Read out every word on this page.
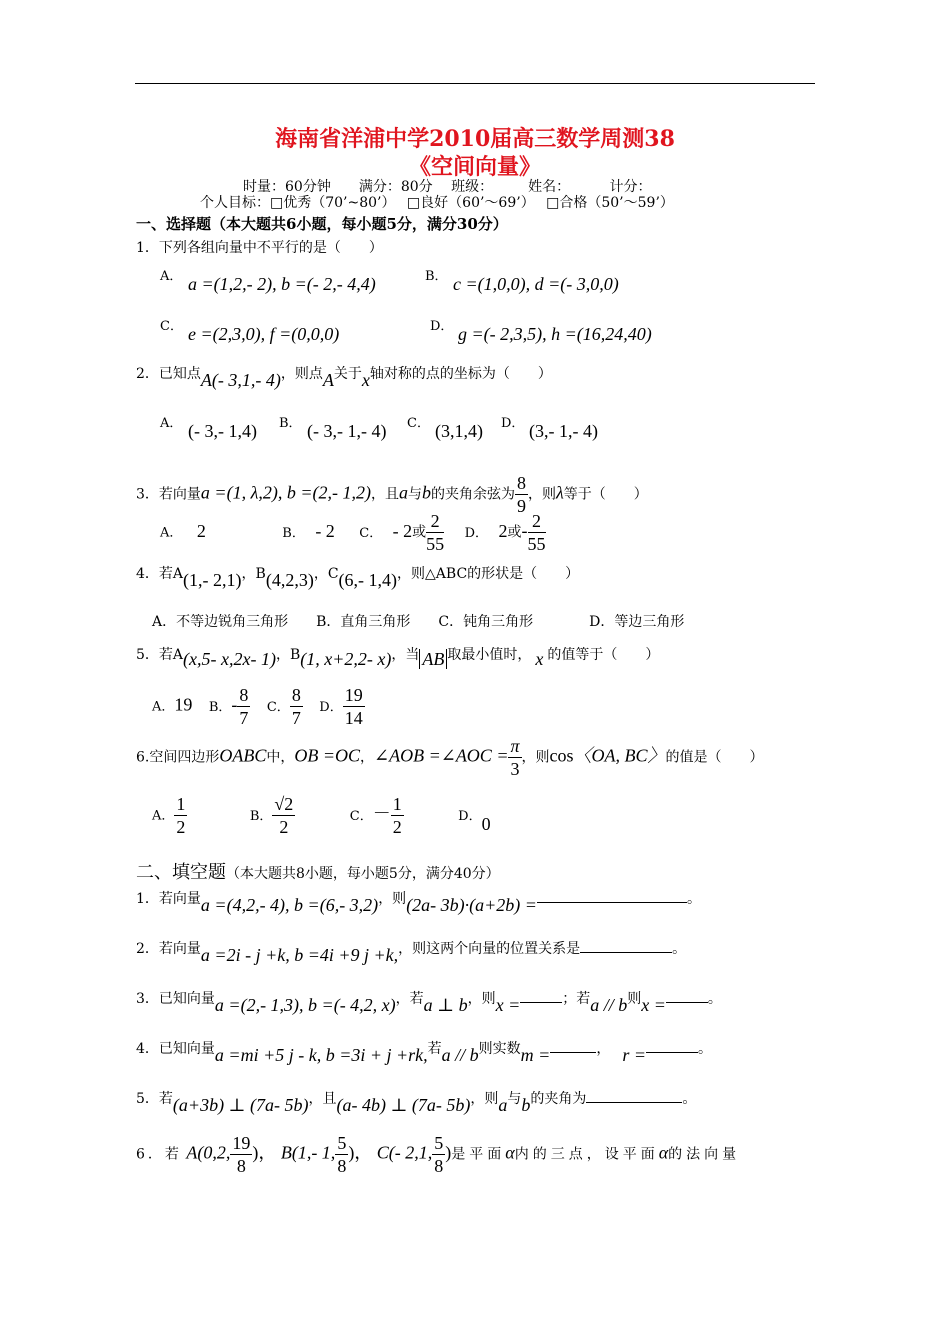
海南省洋浦中学2010届高三数学周测38
《空间向量》
时量：60分钟　　满分：80分　 班级：　　　姓名：　　　 计分：
个人目标：□优秀（70’~80’）　 □良好（60’～69’）　 □合格（50’～59’）
一、选择题（本大题共6小题，每小题5分，满分30分）
1．下列各组向量中不平行的是（　　）
A． a =(1,2,- 2), b =(- 2,- 4,4)	B． c =(1,0,0), d =(- 3,0,0)
C． e =(2,3,0), f =(0,0,0)	D． g =(- 2,3,5), h =(16,24,40)
2．已知点A(- 3,1,- 4)，则点A关于x轴对称的点的坐标为（　　）
A． (- 3,- 1,4) B． (- 3,- 1,- 4) C． (3,1,4) D． (3,- 1,- 4)
3．若向量a =(1, λ,2), b =(2,- 1,2)，且a与b的夹角余弦为 $\frac{8}{9}$ ，则λ等于（　　）
A． 2	B． - 2 C． - 2或 $\frac{2}{55}$ D． 2或- $\frac{2}{55}$
4．若A(1,- 2,1)，B(4,2,3)，C(6,- 1,4)，则△ABC的形状是（　　）
A．不等边锐角三角形　　B．直角三角形　　C．钝角三角形　　　　D．等边三角形
5．若A(x,5- x,2x- 1)，B(1, x+2,2- x)，当 AB 取最小值时， x 的值等于（　　）
A．19 B．- $\frac{8}{7}$ C． $\frac{8}{7}$ D． $\frac{19}{14}$
6.空间四边形OABC中，OB =OC，∠AOB =∠AOC = $\frac{\pi}{3}$ ，则cos〈OA, BC〉的值是（　　）
A． $\frac{1}{2}$	B． $\frac{√2}{2}$	C．－ $\frac{1}{2}$	D．0
二、填空题（本大题共8小题，每小题5分，满分40分）
1．若向量a =(4,2,- 4), b =(6,- 3,2)，则(2a- 3b)·(a+2b) =	。
2．若向量a =2i - j +k, b =4i +9 j +k,，则这两个向量的位置关系是	。
3．已知向量a =(2,- 1,3), b =(- 4,2, x)，若a ⊥ b，则x =	；若a // b则x =	。
4．已知向量a =mi +5 j - k, b =3i + j +rk,若a // b则实数m =	， r =	。
5．若(a+3b) ⊥ (7a- 5b)，且(a- 4b) ⊥ (7a- 5b)，则a与b的夹角为	。
6．若 A(0,2, $\frac{19}{8}$ )， B(1,- 1, $\frac{5}{8}$ )， C(- 2,1, $\frac{5}{8}$ )是平面α内的三点，设平面α的法向量
